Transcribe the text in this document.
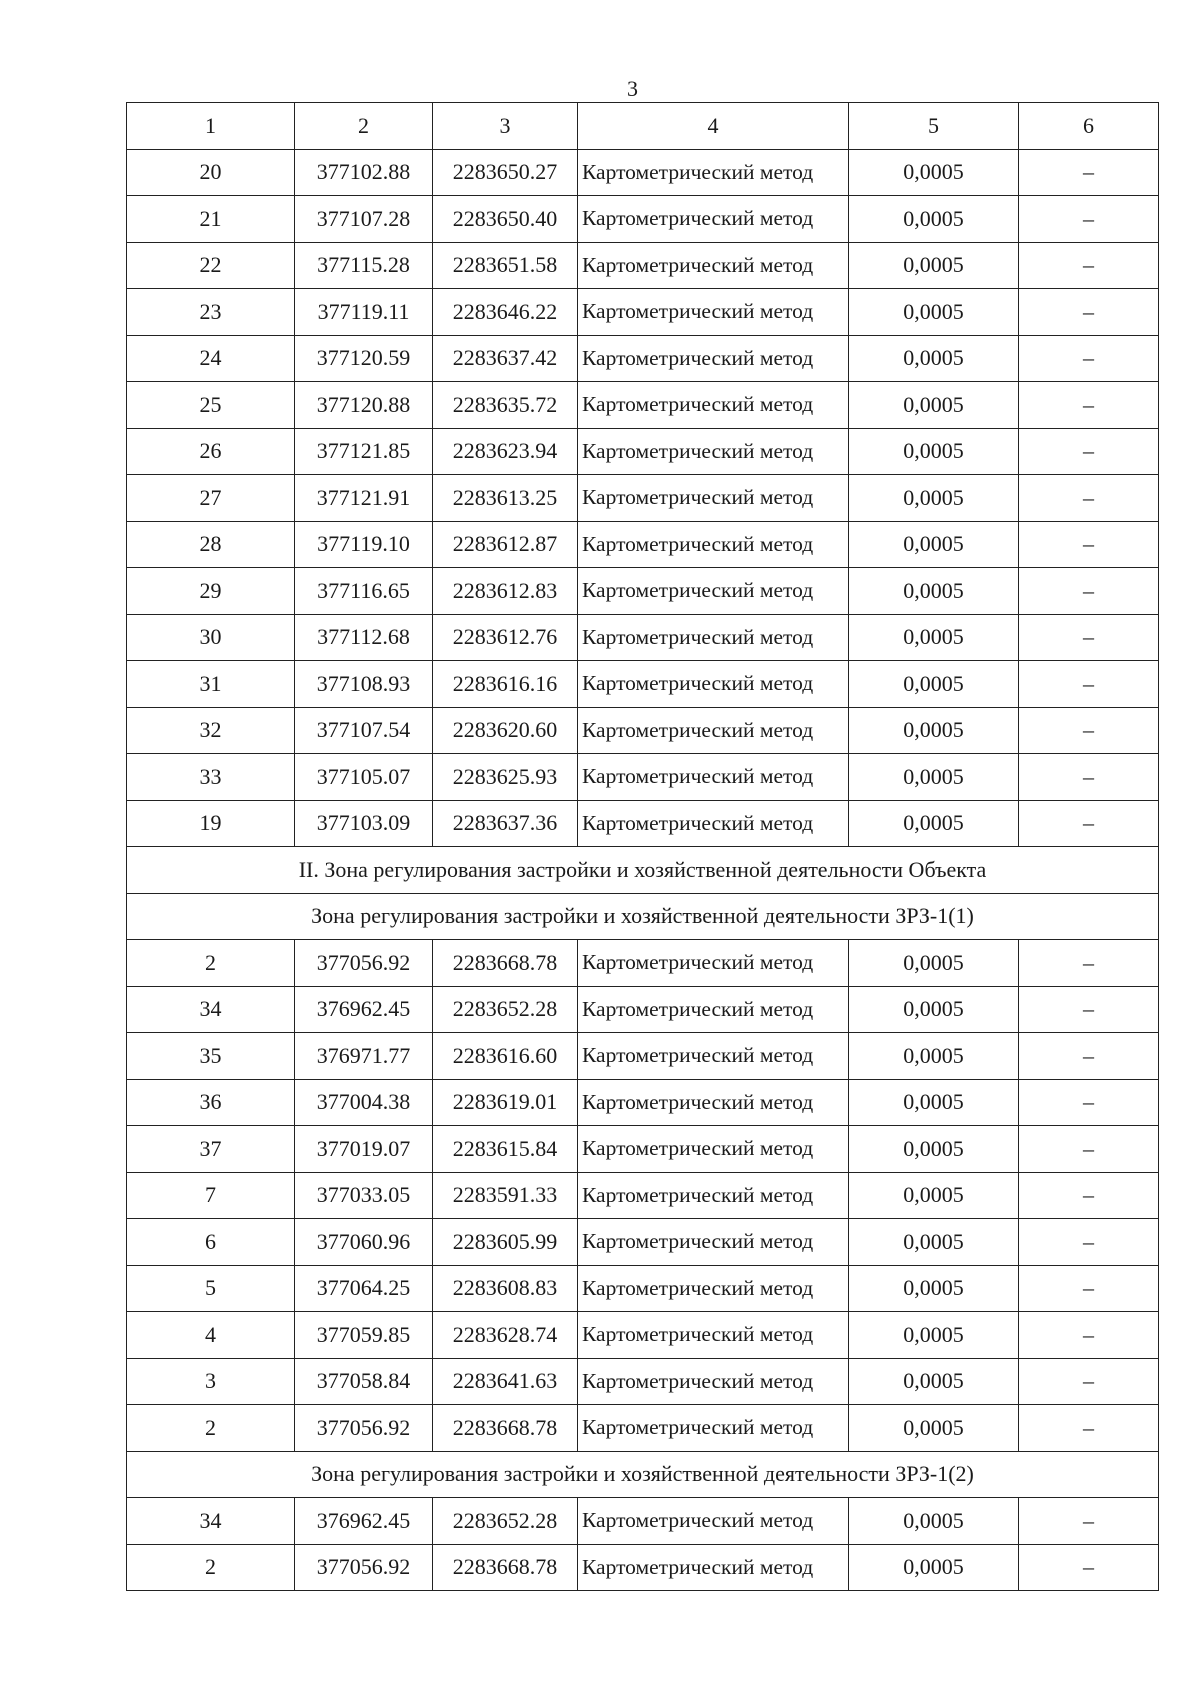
3
1	2	3	4	5	6
20	377102.88	2283650.27	Картометрический метод	0,0005	–
21	377107.28	2283650.40	Картометрический метод	0,0005	–
22	377115.28	2283651.58	Картометрический метод	0,0005	–
23	377119.11	2283646.22	Картометрический метод	0,0005	–
24	377120.59	2283637.42	Картометрический метод	0,0005	–
25	377120.88	2283635.72	Картометрический метод	0,0005	–
26	377121.85	2283623.94	Картометрический метод	0,0005	–
27	377121.91	2283613.25	Картометрический метод	0,0005	–
28	377119.10	2283612.87	Картометрический метод	0,0005	–
29	377116.65	2283612.83	Картометрический метод	0,0005	–
30	377112.68	2283612.76	Картометрический метод	0,0005	–
31	377108.93	2283616.16	Картометрический метод	0,0005	–
32	377107.54	2283620.60	Картометрический метод	0,0005	–
33	377105.07	2283625.93	Картометрический метод	0,0005	–
19	377103.09	2283637.36	Картометрический метод	0,0005	–
II. Зона регулирования застройки и хозяйственной деятельности Объекта					
Зона регулирования застройки и хозяйственной деятельности ЗРЗ-1(1)					
2	377056.92	2283668.78	Картометрический метод	0,0005	–
34	376962.45	2283652.28	Картометрический метод	0,0005	–
35	376971.77	2283616.60	Картометрический метод	0,0005	–
36	377004.38	2283619.01	Картометрический метод	0,0005	–
37	377019.07	2283615.84	Картометрический метод	0,0005	–
7	377033.05	2283591.33	Картометрический метод	0,0005	–
6	377060.96	2283605.99	Картометрический метод	0,0005	–
5	377064.25	2283608.83	Картометрический метод	0,0005	–
4	377059.85	2283628.74	Картометрический метод	0,0005	–
3	377058.84	2283641.63	Картометрический метод	0,0005	–
2	377056.92	2283668.78	Картометрический метод	0,0005	–
Зона регулирования застройки и хозяйственной деятельности ЗРЗ-1(2)					
34	376962.45	2283652.28	Картометрический метод	0,0005	–
2	377056.92	2283668.78	Картометрический метод	0,0005	–
